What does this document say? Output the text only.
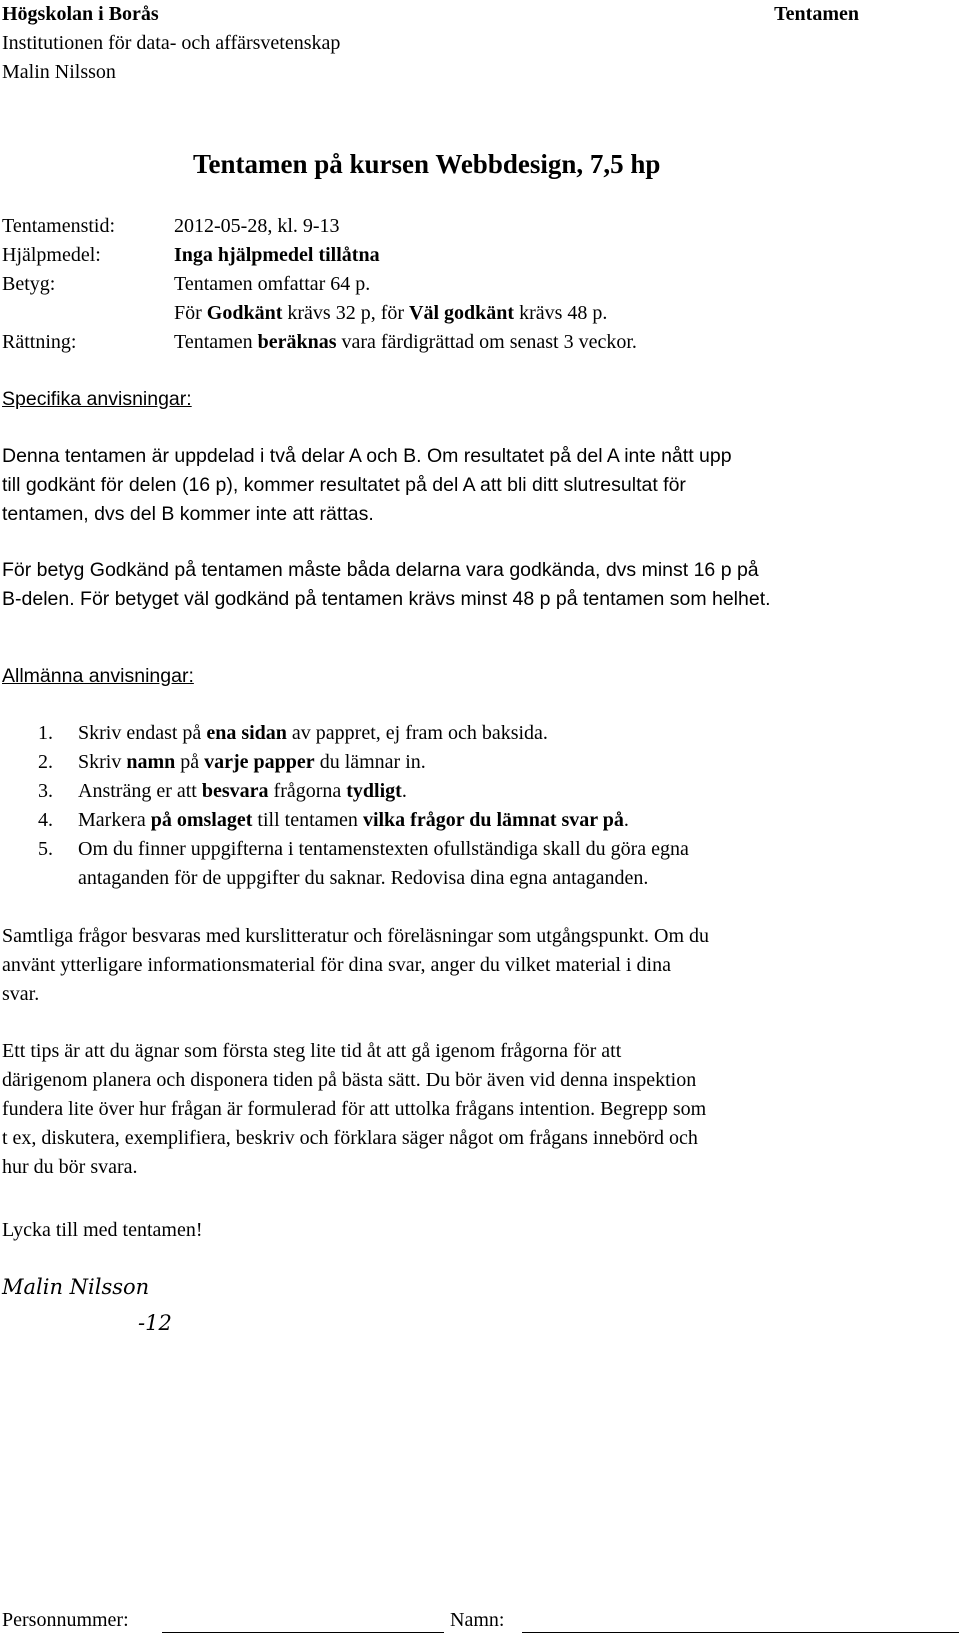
Högskolan i Borås	Tentamen
Institutionen för data- och affärsvetenskap
Malin Nilsson
Tentamen på kursen Webbdesign, 7,5 hp
Tentamenstid:	2012-05-28, kl. 9-13
Hjälpmedel:	Inga hjälpmedel tillåtna
Betyg:	Tentamen omfattar 64 p.
För Godkänt krävs 32 p, för Väl godkänt krävs 48 p.
Rättning:	Tentamen beräknas vara färdigrättad om senast 3 veckor.
Specifika anvisningar:
Denna tentamen är uppdelad i två delar A och B. Om resultatet på del A inte nått upp
till godkänt för delen (16 p), kommer resultatet på del A att bli ditt slutresultat för
tentamen, dvs del B kommer inte att rättas.
För betyg Godkänd på tentamen måste båda delarna vara godkända, dvs minst 16 p på
B-delen. För betyget väl godkänd på tentamen krävs minst 48 p på tentamen som helhet.
Allmänna anvisningar:
1. Skriv endast på ena sidan av pappret, ej fram och baksida.
2. Skriv namn på varje papper du lämnar in.
3. Ansträng er att besvara frågorna tydligt.
4. Markera på omslaget till tentamen vilka frågor du lämnat svar på.
5. Om du finner uppgifterna i tentamenstexten ofullständiga skall du göra egna
antaganden för de uppgifter du saknar. Redovisa dina egna antaganden.
Samtliga frågor besvaras med kurslitteratur och föreläsningar som utgångspunkt. Om du
använt ytterligare informationsmaterial för dina svar, anger du vilket material i dina
svar.
Ett tips är att du ägnar som första steg lite tid åt att gå igenom frågorna för att
därigenom planera och disponera tiden på bästa sätt. Du bör även vid denna inspektion
fundera lite över hur frågan är formulerad för att uttolka frågans intention. Begrepp som
t ex, diskutera, exemplifiera, beskriv och förklara säger något om frågans innebörd och
hur du bör svara.
Lycka till med tentamen!
Malin Nilsson
-12
Personnummer:	Namn:
